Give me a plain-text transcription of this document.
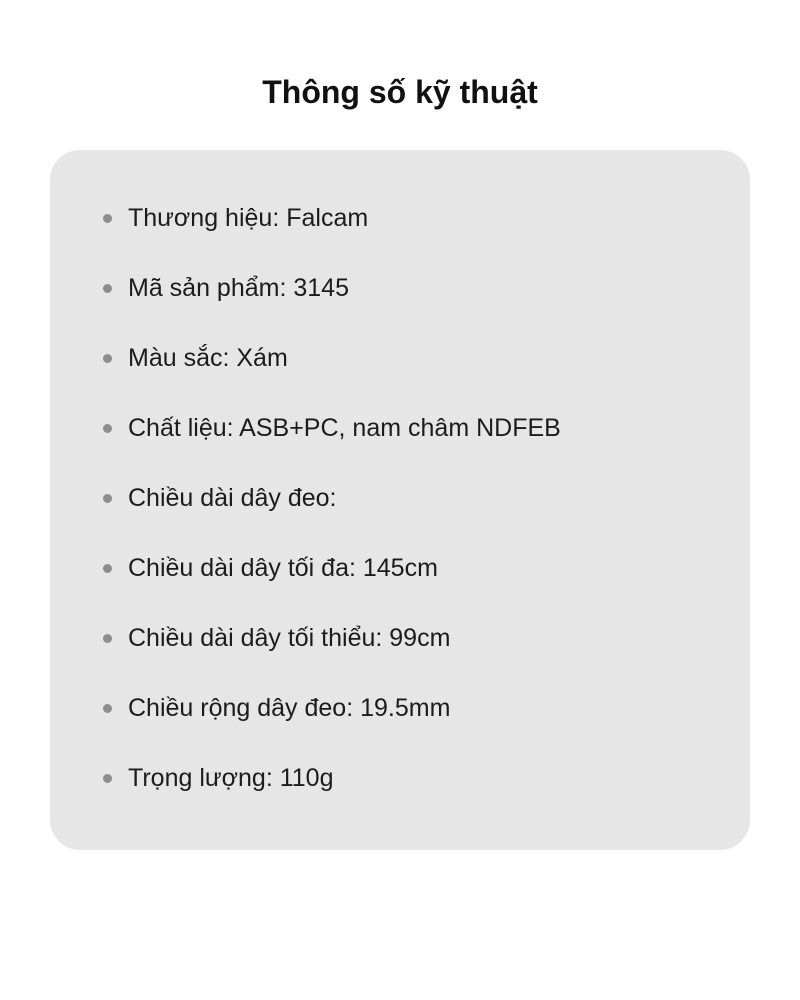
Thông số kỹ thuật
Thương hiệu: Falcam
Mã sản phẩm: 3145
Màu sắc: Xám
Chất liệu: ASB+PC, nam châm NDFEB
Chiều dài dây đeo:
Chiều dài dây tối đa: 145cm
Chiều dài dây tối thiểu: 99cm
Chiều rộng dây đeo: 19.5mm
Trọng lượng: 110g
